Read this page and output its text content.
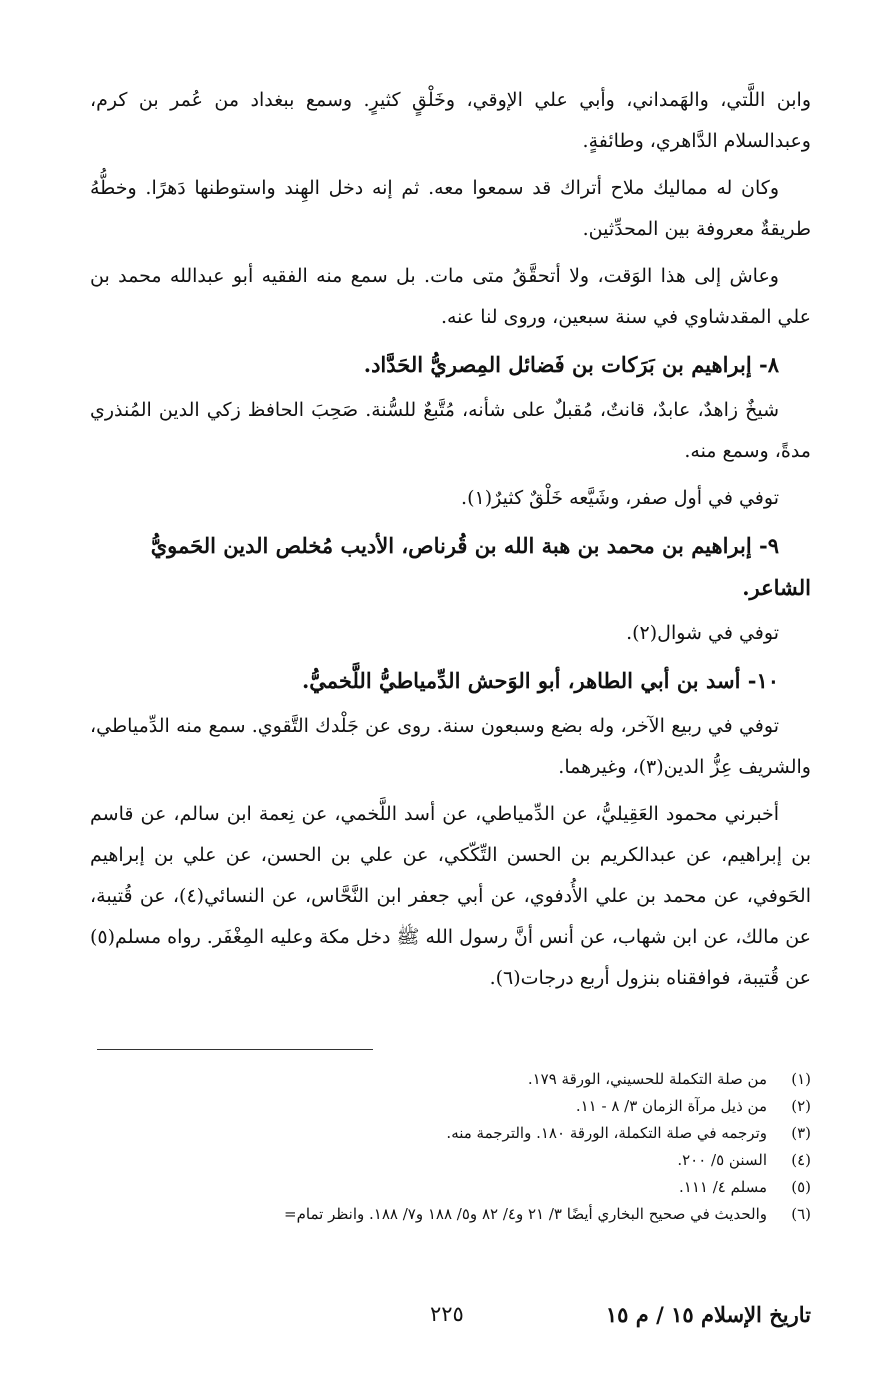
وابن اللَّتي، والهَمداني، وأبي علي الإوقي، وخَلْقٍ كثيرٍ. وسمع ببغداد من عُمر بن كرم، وعبدالسلام الدَّاهري، وطائفةٍ.

وكان له مماليك ملاح أتراك قد سمعوا معه. ثم إنه دخل الهِند واستوطنها دَهرًا. وخطُّهُ طريقةٌ معروفة بين المحدِّثين.

وعاش إلى هذا الوَقت، ولا أتحقَّقُ متى مات. بل سمع منه الفقيه أبو عبدالله محمد بن علي المقدشاوي في سنة سبعين، وروى لنا عنه.

٨- إبراهيم بن بَرَكات بن فَضائل المِصريُّ الحَدَّاد.

شيخٌ زاهدٌ، عابدٌ، قانتٌ، مُقبلٌ على شأنه، مُتَّبعٌ للسُّنة. صَحِبَ الحافظ زكي الدين المُنذري مدةً، وسمع منه.

توفي في أول صفر، وشَيَّعه خَلْقٌ كثيرٌ(١).

٩- إبراهيم بن محمد بن هبة الله بن قُرناص، الأديب مُخلص الدين الحَمويُّ الشاعر.

توفي في شوال(٢).

١٠- أسد بن أبي الطاهر، أبو الوَحش الدِّمياطيُّ اللَّخميُّ.

توفي في ربيع الآخر، وله بضع وسبعون سنة. روى عن جَلْدك التَّقوي. سمع منه الدِّمياطي، والشريف عِزُّ الدين(٣)، وغيرهما.

أخبرني محمود العَقِيليُّ، عن الدِّمياطي، عن أسد اللَّخمي، عن نِعمة ابن سالم، عن قاسم بن إبراهيم، عن عبدالكريم بن الحسن التِّكّكي، عن علي بن الحسن، عن علي بن إبراهيم الحَوفي، عن محمد بن علي الأُدفوي، عن أبي جعفر ابن النَّحَّاس، عن النسائي(٤)، عن قُتيبة، عن مالك، عن ابن شهاب، عن أنس أنَّ رسول الله ﷺ دخل مكة وعليه المِغْفَر. رواه مسلم(٥) عن قُتيبة، فوافقناه بنزول أربع درجات(٦).

(١)
من صلة التكملة للحسيني، الورقة ١٧٩.
(٢)
من ذيل مرآة الزمان ٣/ ٨ - ١١.
(٣)
وترجمه في صلة التكملة، الورقة ١٨٠. والترجمة منه.
(٤)
السنن ٥/ ٢٠٠.
(٥)
مسلم ٤/ ١١١.
(٦)
والحديث في صحيح البخاري أيضًا ٣/ ٢١ و٤/ ٨٢ و٥/ ١٨٨ و٧/ ١٨٨. وانظر تمام=
تاريخ الإسلام ١٥ / م ١٥
٢٢٥
